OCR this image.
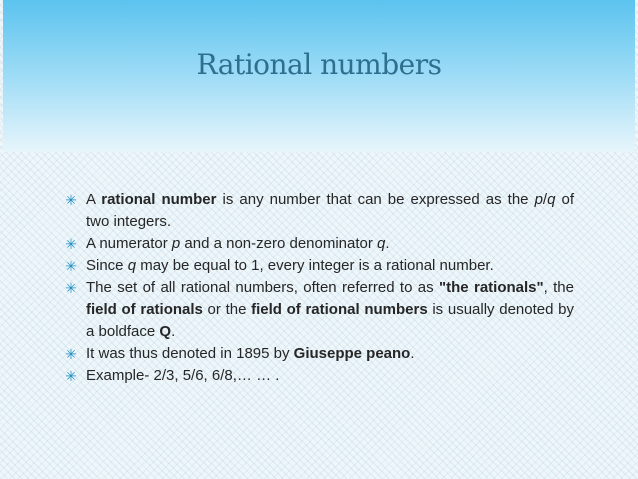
Rational numbers

✳ A rational number is any number that can be expressed as the p/q of two integers.

✳ A numerator p and a non-zero denominator q.

✳ Since q may be equal to 1, every integer is a rational number.

✳ The set of all rational numbers, often referred to as "the rationals", the field of rationals or the field of rational numbers is usually denoted by a boldface Q.

✳ It was thus denoted in 1895 by Giuseppe peano.

✳ Example- 2/3, 5/6, 6/8,… … .
